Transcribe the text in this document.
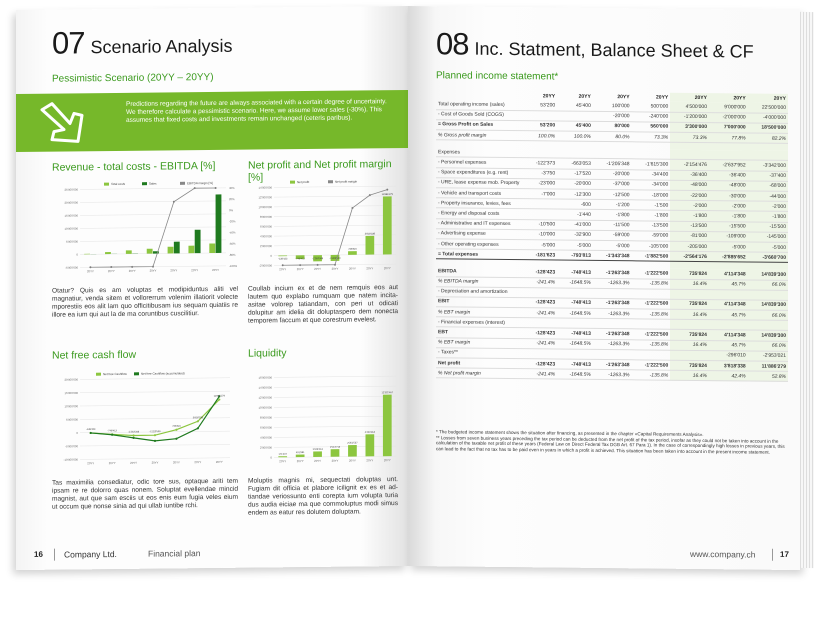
07 Scenario Analysis
Pessimistic Scenario (20YY – 20YY)
Predictions regarding the future are always associated with a certain degree of uncertainty. We therefore calculate a pessimistic scenario. Here, we assume lower sales (-30%). This assumes that fixed costs and investments remain unchanged (ceteris paribus).
Revenue - total costs - EBITDA [%]	Net profit and Net profit margin [%]
Total costs	Sales	EBITDA margin [%]
25'000'000
20'000'000
15'000'000
10'000'000
5'000'000
0
-5'000'000
20YY	20YY	20YY	20YY	20YY	20YY	20YY
40%
20%
0%
-20%
-40%
-60%
-80%
-100%
Net profit	Net profit margin
14'000'000
12'000'000
10'000'000
8'000'000
6'000'000
4'000'000
2'000'000
0
-2'000'000
20YY	20YY	20YY	20YY	20YY	20YY	20YY
-128'423	-748'413	-1'263'348	-1'222'500
735'824
3'818'338
11'886'279
Otatur? Quis es am voluptas et modipiduntus aliti vel magnatiur, venda sitem et vollorerrum volenim illatiorit volecte mporestiis eos alit lam quo officitibusam ius sequam quiatiis re illore ea ium qui aut la de ma coruntibus cuscilitiur.
Coullab incium ex et de nem remquis eos aut lautem quo explabo rumquam que natem incita-asitae volorep tatiandam, con peri ut odicati dolupitur am idelia dit doluptaspero dem nonecta temporem faccum et que corestrum evelest.
Net free cash flow	Liquidity
Net free Cashflow	Net free Cashflow (accumulated)
20'000'000
15'000'000
10'000'000
5'000'000
0
-5'000'000
-10'000'000
20YY	20YY	20YY	20YY	20YY	20YY	20YY
-128'423	-748'413	-1'263'348	-1'222'500
735'824
3'818'338
11'886'279
16'000'000
14'000'000
12'000'000
10'000'000
8'000'000
6'000'000
4'000'000
2'000'000
0
20YY	20YY	20YY	20YY	20YY	20YY	20YY
171'407
491'981
1'103'213
1'544'713
2'261'537
4'404'913
12'321'467
Tas maximilia consediatur, odic tore sus, optaque ariti tem ipsam re re dolorro quas nonem. Soluptat evellendae mincid magnist, aut que sam esciis ut eos enis eum fugia veles eium ut occum que nonse sinia ad qui ullab iuntibe rchi.
Moluptis magnis mi, sequectati doluptas unt. Fugiam dit officia et plabore icilignit ex es et ad-tiandae veriossunto enti corepta ium volupta turia dus audia eiciae ma que commoluptus modi simus endem as eatur res dolutem doluptam.
16 Company Ltd.	Financial plan
08 Inc. Statment, Balance Sheet & CF
Planned income statement*
	20YY	20YY	20YY	20YY	20YY	20YY	20YY
Total operating income (sales)	53'200	45'400	100'000	500'000	4'500'000	9'000'000	22'500'000
- Cost of Goods Sold (COGS)			-20'000	-240'000	-1'200'000	-2'000'000	-4'000'000
= Gross Profit on Sales	53'200	45'400	80'000	560'000	3'300'000	7'000'000	18'500'000
% Gross profit margin	100.0%	100.0%	80.0%	73.3%	73.3%	77.8%	82.2%

Expenses							
- Personnel expenses	-122'373	-663'053	-1'205'348	-1'615'300	-2'154'476	-2'637'952	-3'342'000
- Space expenditures (e.g. rent)	-3'750	-17'520	-20'000	-34'400	-36'400	-36'400	-37'400
- URE, lease expense mob. Property	-23'000	-20'000	-37'000	-34'000	-48'000	-48'000	-68'000
- Vehicle and transport costs	-7'000	-12'300	-12'500	-18'000	-22'000	-30'000	-44'000
- Property insurance, levies, fees		-600	-1'200	-1'500	-2'000	-2'000	-2'000
- Energy and disposal costs		-1'440	-1'800	-1'800	-1'800	-1'800	-1'800
- Administrative and IT expenses	-10'500	-41'000	-11'500	-13'500	-13'500	-15'500	-15'500
- Advertising expense	-10'000	-32'900	-59'000	-59'000	-81'000	-109'000	-145'000
- Other operating expenses	-5'000	-5'000	-5'000	-105'000	-205'000	-5'000	-5'000
= Total expenses	-181'623	-793'813	-1'343'348	-1'882'500	-2'564'176	-2'885'652	-3'660'700

EBITDA	-128'423	-748'413	-1'263'348	-1'222'500	735'824	4'114'348	14'839'300
% EBITDA margin	-241.4%	-1648.5%	-1263.3%	-135.8%	16.4%	45.7%	66.0%
- Depreciation and amortization							
EBIT	-128'423	-748'413	-1'263'348	-1'222'500	735'824	4'114'348	14'839'300
% EBT margin	-241.4%	-1648.5%	-1263.3%	-135.8%	16.4%	45.7%	66.0%
- Financial expenses (interest)							
EBT	-128'423	-748'413	-1'263'348	-1'222'500	735'824	4'114'348	14'839'300
% EBT margin	-241.4%	-1648.5%	-1263.3%	-135.8%	16.4%	45.7%	66.0%
- Taxes**						-296'010	-2'953'021
Net profit	-128'423	-748'413	-1'263'348	-1'222'500	735'824	3'818'338	11'886'279
% Net profit margin	-241.4%	-1648.5%	-1263.3%	-135.8%	16.4%	42.4%	52.8%
* The budgeted income statement shows the situation after financing, as presented in the chapter «Capital Requirements Analysis».
** Losses from seven business years preceding the tax period can be deducted from the net profit of the tax period, insofar as they could not be taken into account in the calculation of the taxable net profit of these years (Federal Law on Direct Federal Tax DGB Art. 67 Para 1). In the case of correspondingly high losses in previous years, this can lead to the fact that no tax has to be paid even in years in which a profit is achieved. This situation has been taken into account in the present income statement.
www.company.ch	17
